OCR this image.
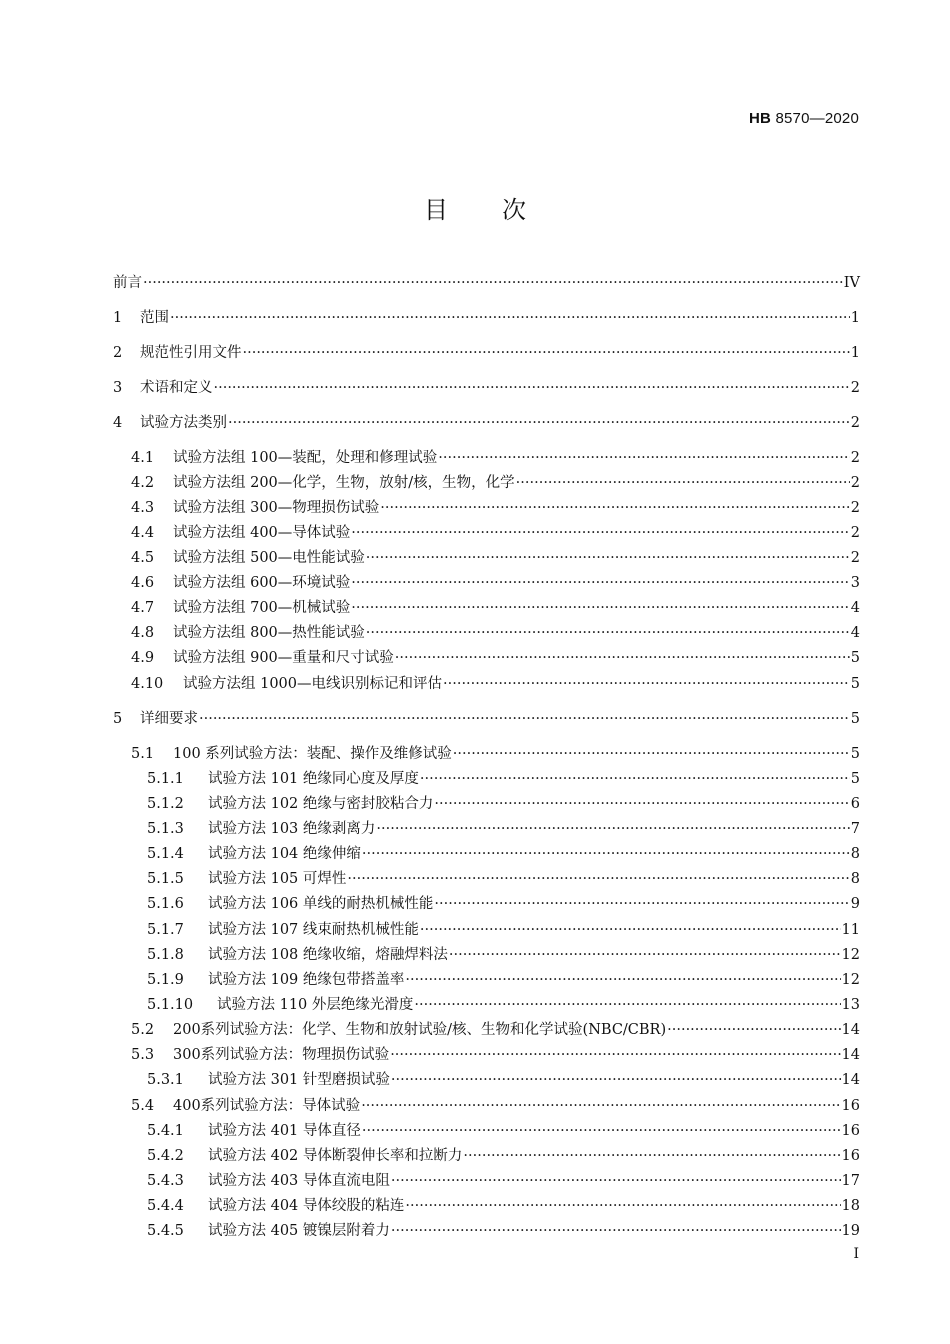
HB 8570—2020
目次
前言 ·····	IV
1	范围 ·····	1
2	规范性引用文件 ·····	1
3	术语和定义 ·····	2
4	试验方法类别 ·····	2
4.1	试验方法组 100—装配，处理和修理试验 ·····	2
4.2	试验方法组 200—化学，生物，放射/核，生物，化学 ·····	2
4.3	试验方法组 300—物理损伤试验 ·····	2
4.4	试验方法组 400—导体试验 ·····	2
4.5	试验方法组 500—电性能试验 ·····	2
4.6	试验方法组 600—环境试验 ·····	3
4.7	试验方法组 700—机械试验 ·····	4
4.8	试验方法组 800—热性能试验 ·····	4
4.9	试验方法组 900—重量和尺寸试验 ·····	5
4.10	试验方法组 1000—电线识别标记和评估 ·····	5
5	详细要求 ·····	5
5.1	100 系列试验方法：装配、操作及维修试验 ·····	5
5.1.1	试验方法 101 绝缘同心度及厚度 ·····	5
5.1.2	试验方法 102 绝缘与密封胶粘合力 ·····	6
5.1.3	试验方法 103 绝缘剥离力 ·····	7
5.1.4	试验方法 104 绝缘伸缩 ·····	8
5.1.5	试验方法 105 可焊性 ·····	8
5.1.6	试验方法 106 单线的耐热机械性能 ·····	9
5.1.7	试验方法 107 线束耐热机械性能 ·····	11
5.1.8	试验方法 108 绝缘收缩，熔融焊料法 ·····	12
5.1.9	试验方法 109 绝缘包带搭盖率 ·····	12
5.1.10	试验方法 110 外层绝缘光滑度 ·····	13
5.2	200系列试验方法：化学、生物和放射试验/核、生物和化学试验(NBC/CBR) ·····	14
5.3	300系列试验方法：物理损伤试验 ·····	14
5.3.1	试验方法 301 针型磨损试验 ·····	14
5.4	400系列试验方法：导体试验 ·····	16
5.4.1	试验方法 401 导体直径 ·····	16
5.4.2	试验方法 402 导体断裂伸长率和拉断力 ·····	16
5.4.3	试验方法 403 导体直流电阻 ·····	17
5.4.4	试验方法 404 导体绞股的粘连 ·····	18
5.4.5	试验方法 405 镀镍层附着力 ·····	19
I
